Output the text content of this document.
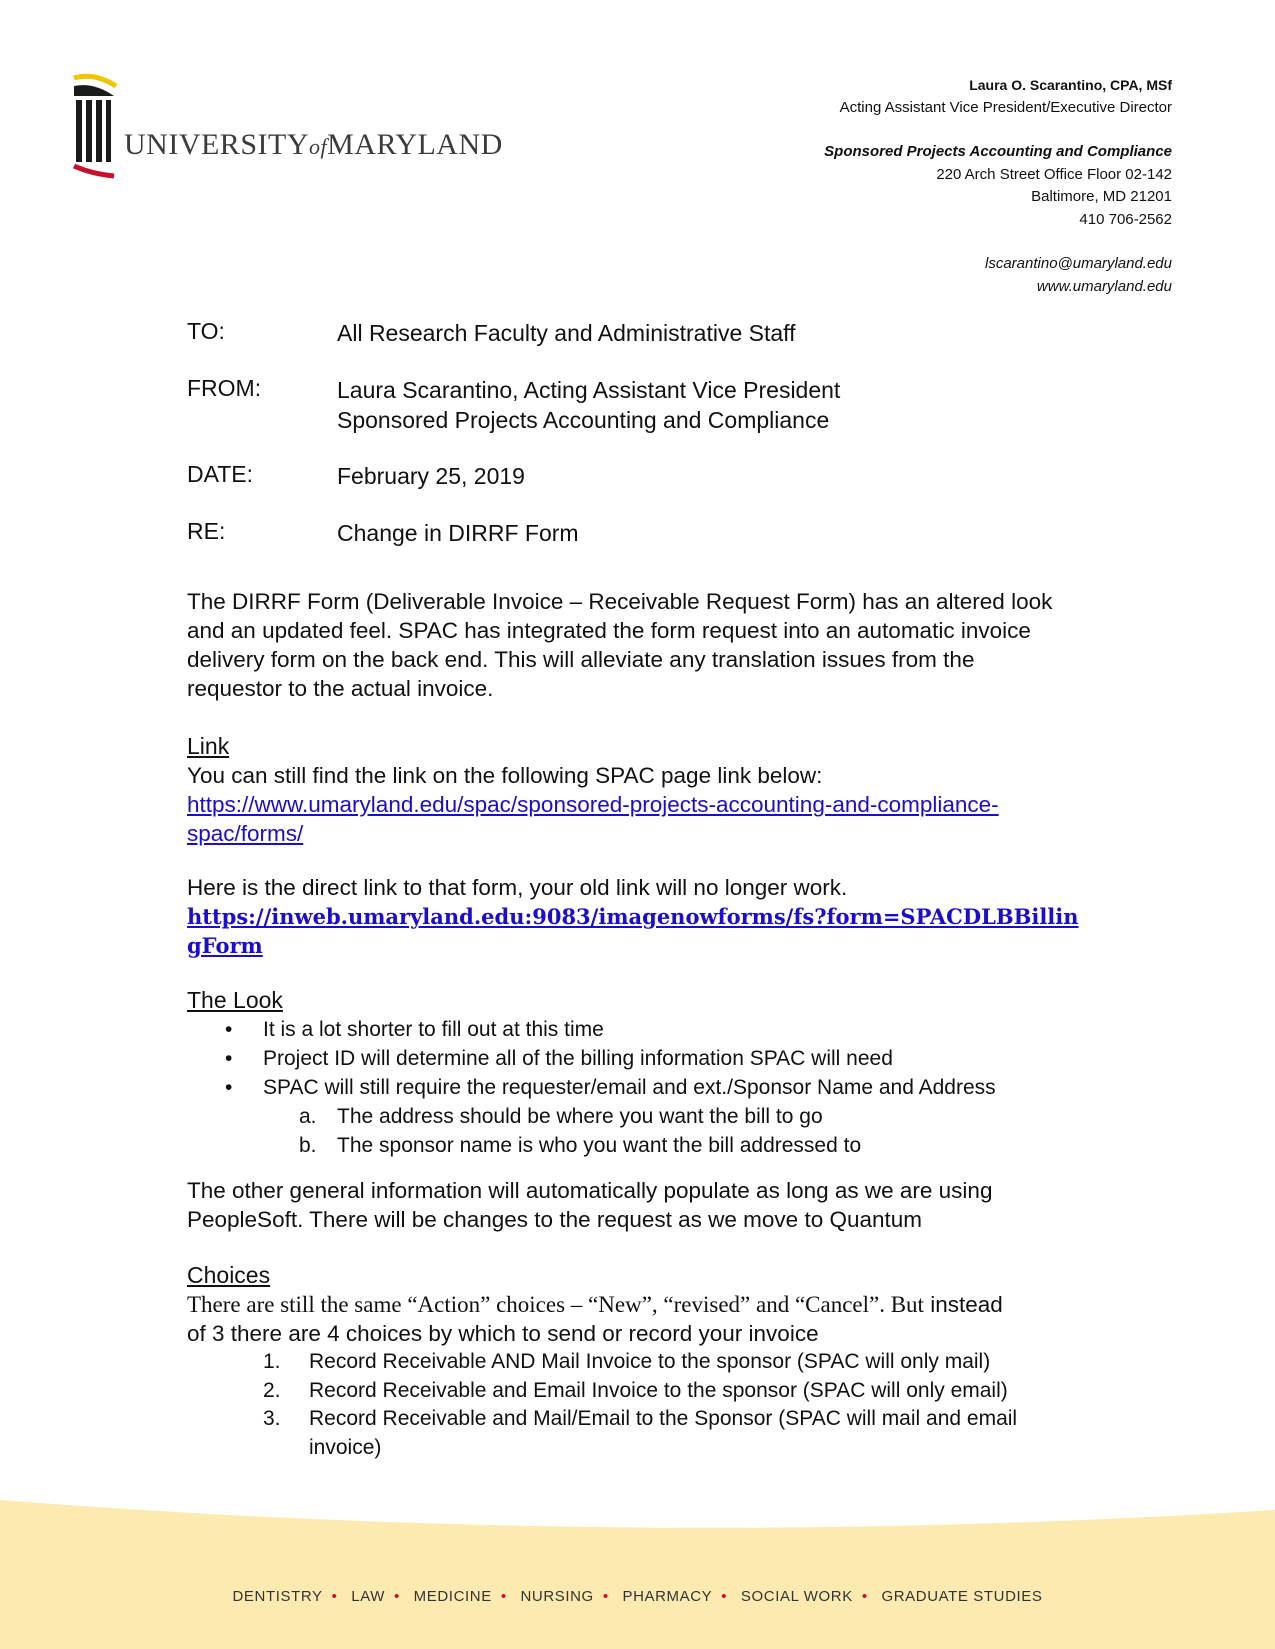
UNIVERSITYofMARYLAND
Laura O. Scarantino, CPA, MSf
Acting Assistant Vice President/Executive Director
Sponsored Projects Accounting and Compliance
220 Arch Street Office Floor 02-142
Baltimore, MD 21201
410 706-2562
lscarantino@umaryland.edu
www.umaryland.edu
TO:	All Research Faculty and Administrative Staff
FROM:	Laura Scarantino, Acting Assistant Vice President
Sponsored Projects Accounting and Compliance
DATE:	February 25, 2019
RE:	Change in DIRRF Form
The DIRRF Form (Deliverable Invoice – Receivable Request Form) has an altered look
and an updated feel. SPAC has integrated the form request into an automatic invoice
delivery form on the back end. This will alleviate any translation issues from the
requestor to the actual invoice.
Link
You can still find the link on the following SPAC page link below:
https://www.umaryland.edu/spac/sponsored-projects-accounting-and-compliance-
spac/forms/
Here is the direct link to that form, your old link will no longer work.
https://inweb.umaryland.edu:9083/imagenowforms/fs?form=SPACDLBBillin
gForm
The Look
• It is a lot shorter to fill out at this time
• Project ID will determine all of the billing information SPAC will need
• SPAC will still require the requester/email and ext./Sponsor Name and Address
a. The address should be where you want the bill to go
b. The sponsor name is who you want the bill addressed to
The other general information will automatically populate as long as we are using
PeopleSoft. There will be changes to the request as we move to Quantum
Choices
There are still the same “Action” choices – “New”, “revised” and “Cancel”. But instead
of 3 there are 4 choices by which to send or record your invoice
1. Record Receivable AND Mail Invoice to the sponsor (SPAC will only mail)
2. Record Receivable and Email Invoice to the sponsor (SPAC will only email)
3. Record Receivable and Mail/Email to the Sponsor (SPAC will mail and email
invoice)
DENTISTRY • LAW • MEDICINE • NURSING • PHARMACY • SOCIAL WORK • GRADUATE STUDIES
